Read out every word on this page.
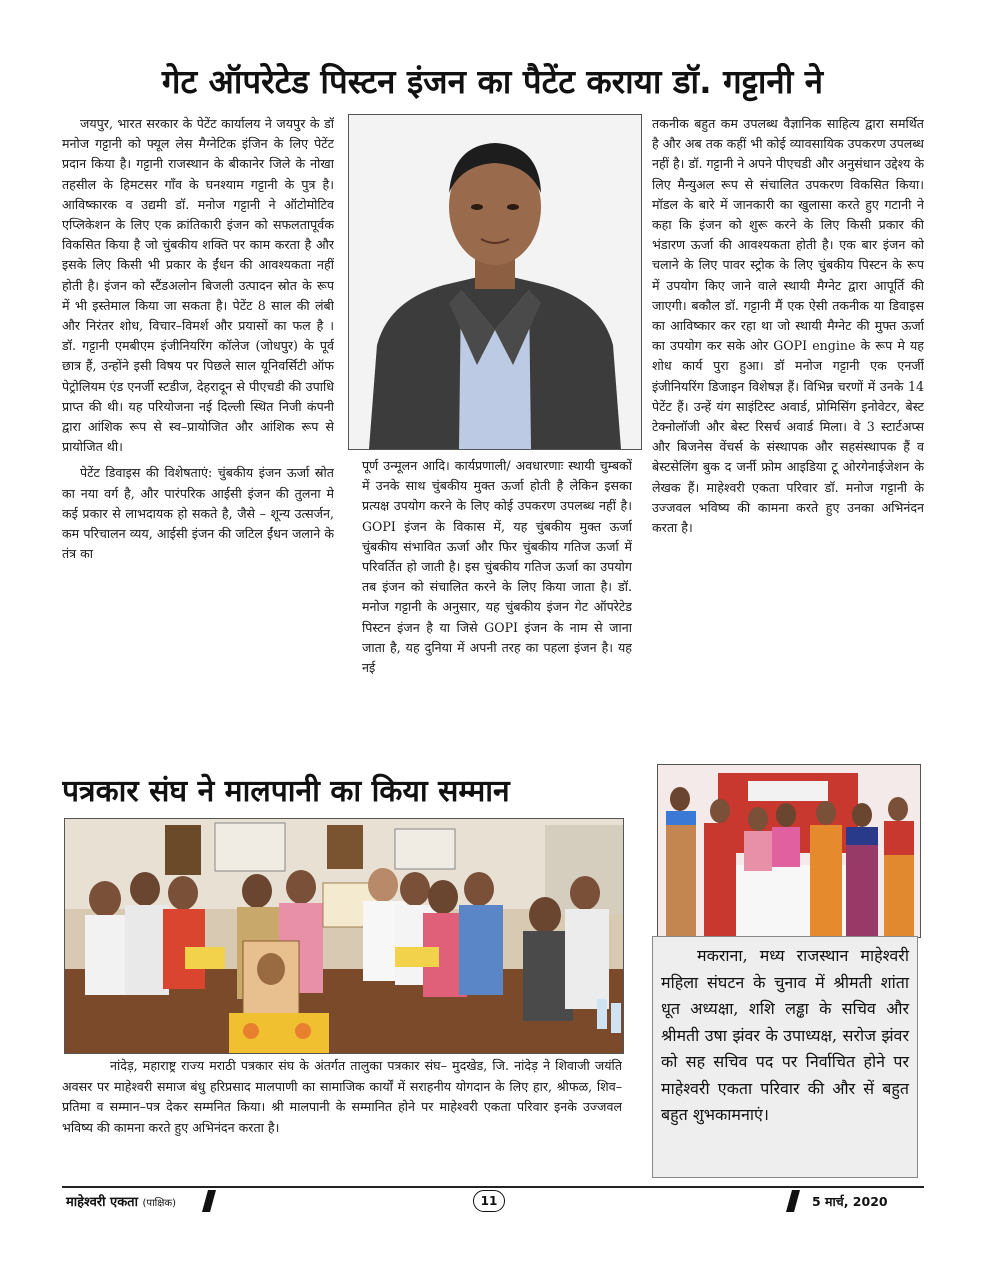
गेट ऑपरेटेड पिस्टन इंजन का पैटेंट कराया डॉ. गट्टानी ने

जयपुर, भारत सरकार के पेटेंट कार्यालय ने जयपुर के डॉ मनोज गट्टानी को फ्यूल लेस मैग्नेटिक इंजिन के लिए पेटेंट प्रदान किया है। गट्टानी राजस्थान के बीकानेर जिले के नोखा तहसील के हिमटसर गाँव के घनश्याम गट्टानी के पुत्र है। आविष्कारक व उद्यमी डॉ. मनोज गट्टानी ने ऑटोमोटिव एप्लिकेशन के लिए एक क्रांतिकारी इंजन को सफलतापूर्वक विकसित किया है जो चुंबकीय शक्ति पर काम करता है और इसके लिए किसी भी प्रकार के ईंधन की आवश्यकता नहीं होती है। इंजन को स्टैंडअलोन बिजली उत्पादन स्रोत के रूप में भी इस्तेमाल किया जा सकता है। पेटेंट 8 साल की लंबी और निरंतर शोध, विचार–विमर्श और प्रयासों का फल है । डॉ. गट्टानी एमबीएम इंजीनियरिंग कॉलेज (जोधपुर) के पूर्व छात्र हैं, उन्होंने इसी विषय पर पिछले साल यूनिवर्सिटी ऑफ पेट्रोलियम एंड एनर्जी स्टडीज, देहरादून से पीएचडी की उपाधि प्राप्त की थी। यह परियोजना नई दिल्ली स्थित निजी कंपनी द्वारा आंशिक रूप से स्व–प्रायोजित और आंशिक रूप से प्रायोजित थी।

पेटेंट डिवाइस की विशेषताएं: चुंबकीय इंजन ऊर्जा स्रोत का नया वर्ग है, और पारंपरिक आईसी इंजन की तुलना मे कई प्रकार से लाभदायक हो सकते है, जैसे – शून्य उत्सर्जन, कम परिचालन व्यय, आईसी इंजन की जटिल ईंधन जलाने के तंत्र का

पूर्ण उन्मूलन आदि। कार्यप्रणाली/ अवधारणाः स्थायी चुम्बकों में उनके साथ चुंबकीय मुक्त ऊर्जा होती है लेकिन इसका प्रत्यक्ष उपयोग करने के लिए कोई उपकरण उपलब्ध नहीं है। GOPI इंजन के विकास में, यह चुंबकीय मुक्त ऊर्जा चुंबकीय संभावित ऊर्जा और फिर चुंबकीय गतिज ऊर्जा में परिवर्तित हो जाती है। इस चुंबकीय गतिज ऊर्जा का उपयोग तब इंजन को संचालित करने के लिए किया जाता है। डॉ. मनोज गट्टानी के अनुसार, यह चुंबकीय इंजन गेट ऑपरेटेड पिस्टन इंजन है या जिसे GOPI इंजन के नाम से जाना जाता है, यह दुनिया में अपनी तरह का पहला इंजन है। यह नई

तकनीक बहुत कम उपलब्ध वैज्ञानिक साहित्य द्वारा समर्थित है और अब तक कहीं भी कोई व्यावसायिक उपकरण उपलब्ध नहीं है। डॉ. गट्टानी ने अपने पीएचडी और अनुसंधान उद्देश्य के लिए मैन्युअल रूप से संचालित उपकरण विकसित किया। मॉडल के बारे में जानकारी का खुलासा करते हुए गटानी ने कहा कि इंजन को शुरू करने के लिए किसी प्रकार की भंडारण ऊर्जा की आवश्यकता होती है। एक बार इंजन को चलाने के लिए पावर स्ट्रोक के लिए चुंबकीय पिस्टन के रूप में उपयोग किए जाने वाले स्थायी मैग्नेट द्वारा आपूर्ति की जाएगी। बकौल डॉ. गट्टानी मैं एक ऐसी तकनीक या डिवाइस का आविष्कार कर रहा था जो स्थायी मैग्नेट की मुफ्त ऊर्जा का उपयोग कर सके ओर GOPI engine के रूप मे यह शोध कार्य पुरा हुआ। डॉ मनोज गट्टानी एक एनर्जी इंजीनियरिंग डिजाइन विशेषज्ञ हैं। विभिन्न चरणों में उनके 14 पेटेंट हैं। उन्हें यंग साइंटिस्ट अवार्ड, प्रोमिसिंग इनोवेटर, बेस्ट टेक्नोलॉजी और बेस्ट रिसर्च अवार्ड मिला। वे 3 स्टार्टअप्स और बिजनेस वेंचर्स के संस्थापक और सहसंस्थापक हैं व बेस्टसेलिंग बुक द जर्नी फ्रोम आइडिया टू ओरगेनाईजेशन के लेखक हैं। माहेश्वरी एकता परिवार डॉ. मनोज गट्टानी के उज्जवल भविष्य की कामना करते हुए उनका अभिनंदन करता है।

पत्रकार संघ ने मालपानी का किया सम्मान
नांदेड़, महाराष्ट्र राज्य मराठी पत्रकार संघ के अंतर्गत तालुका पत्रकार संघ– मुदखेड, जि. नांदेड़ ने शिवाजी जयंति अवसर पर माहेश्वरी समाज बंधु हरिप्रसाद मालपाणी का सामाजिक कार्यों में सराहनीय योगदान के लिए हार, श्रीफळ, शिव–प्रतिमा व सम्मान–पत्र देकर सम्मनित किया। श्री मालपानी के सम्मानित होने पर माहेश्वरी एकता परिवार इनके उज्जवल भविष्य की कामना करते हुए अभिनंदन करता है।
मकराना, मध्य राजस्थान माहेश्वरी महिला संघटन के चुनाव में श्रीमती शांता धूत अध्यक्षा, शशि लड्ढा के सचिव और श्रीमती उषा झंवर के उपाध्यक्ष, सरोज झंवर को सह सचिव पद पर निर्वाचित होने पर माहेश्वरी एकता परिवार की और सें बहुत बहुत शुभकामनाएं।
माहेश्वरी एकता (पाक्षिक)	11	5 मार्च, 2020
